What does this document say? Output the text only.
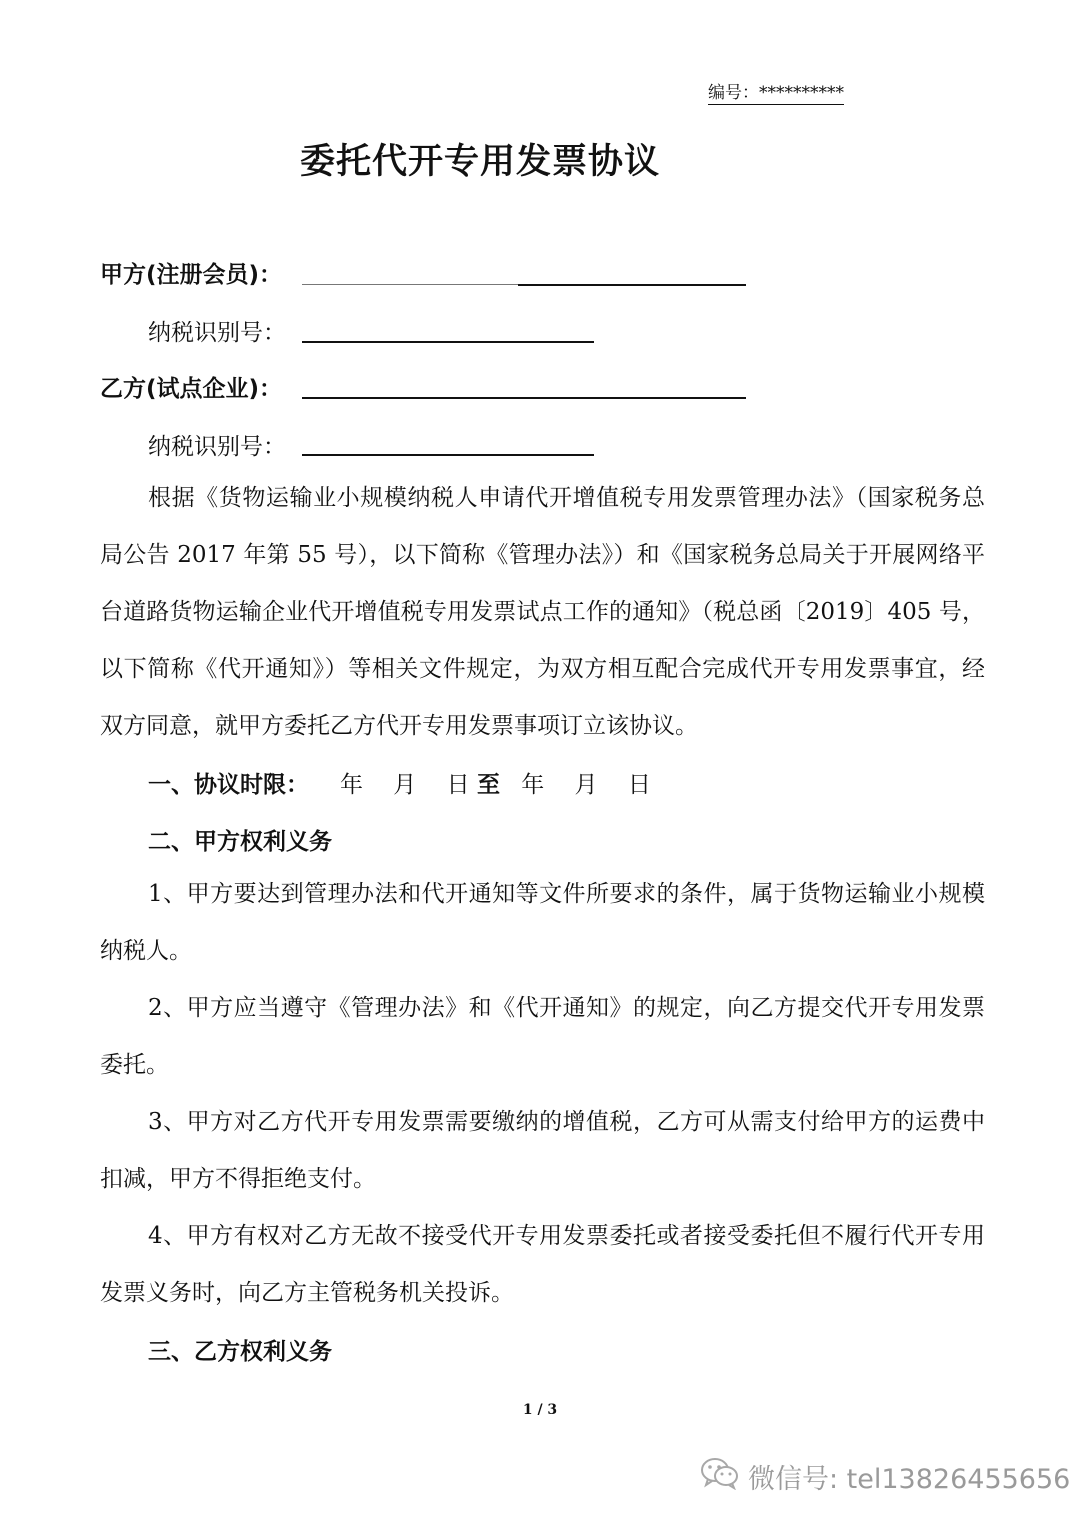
编号：**********
委托代开专用发票协议
甲方(注册会员)：
纳税识别号：
乙方(试点企业)：
纳税识别号：

根据《货物运输业小规模纳税人申请代开增值税专用发票管理办法》（国家税务总局公告 2017 年第 55 号），以下简称《管理办法》）和《国家税务总局关于开展网络平台道路货物运输企业代开增值税专用发票试点工作的通知》（税总函〔2019〕405 号，以下简称《代开通知》）等相关文件规定，为双方相互配合完成代开专用发票事宜，经双方同意，就甲方委托乙方代开专用发票事项订立该协议。

一、协议时限： 年　 月　 日 至 年　 月　 日
二、甲方权利义务

1、甲方要达到管理办法和代开通知等文件所要求的条件，属于货物运输业小规模纳税人。

2、甲方应当遵守《管理办法》和《代开通知》的规定，向乙方提交代开专用发票委托。

3、甲方对乙方代开专用发票需要缴纳的增值税，乙方可从需支付给甲方的运费中扣减，甲方不得拒绝支付。

4、甲方有权对乙方无故不接受代开专用发票委托或者接受委托但不履行代开专用发票义务时，向乙方主管税务机关投诉。

三、乙方权利义务
1 / 3
微信号: tel13826455656
